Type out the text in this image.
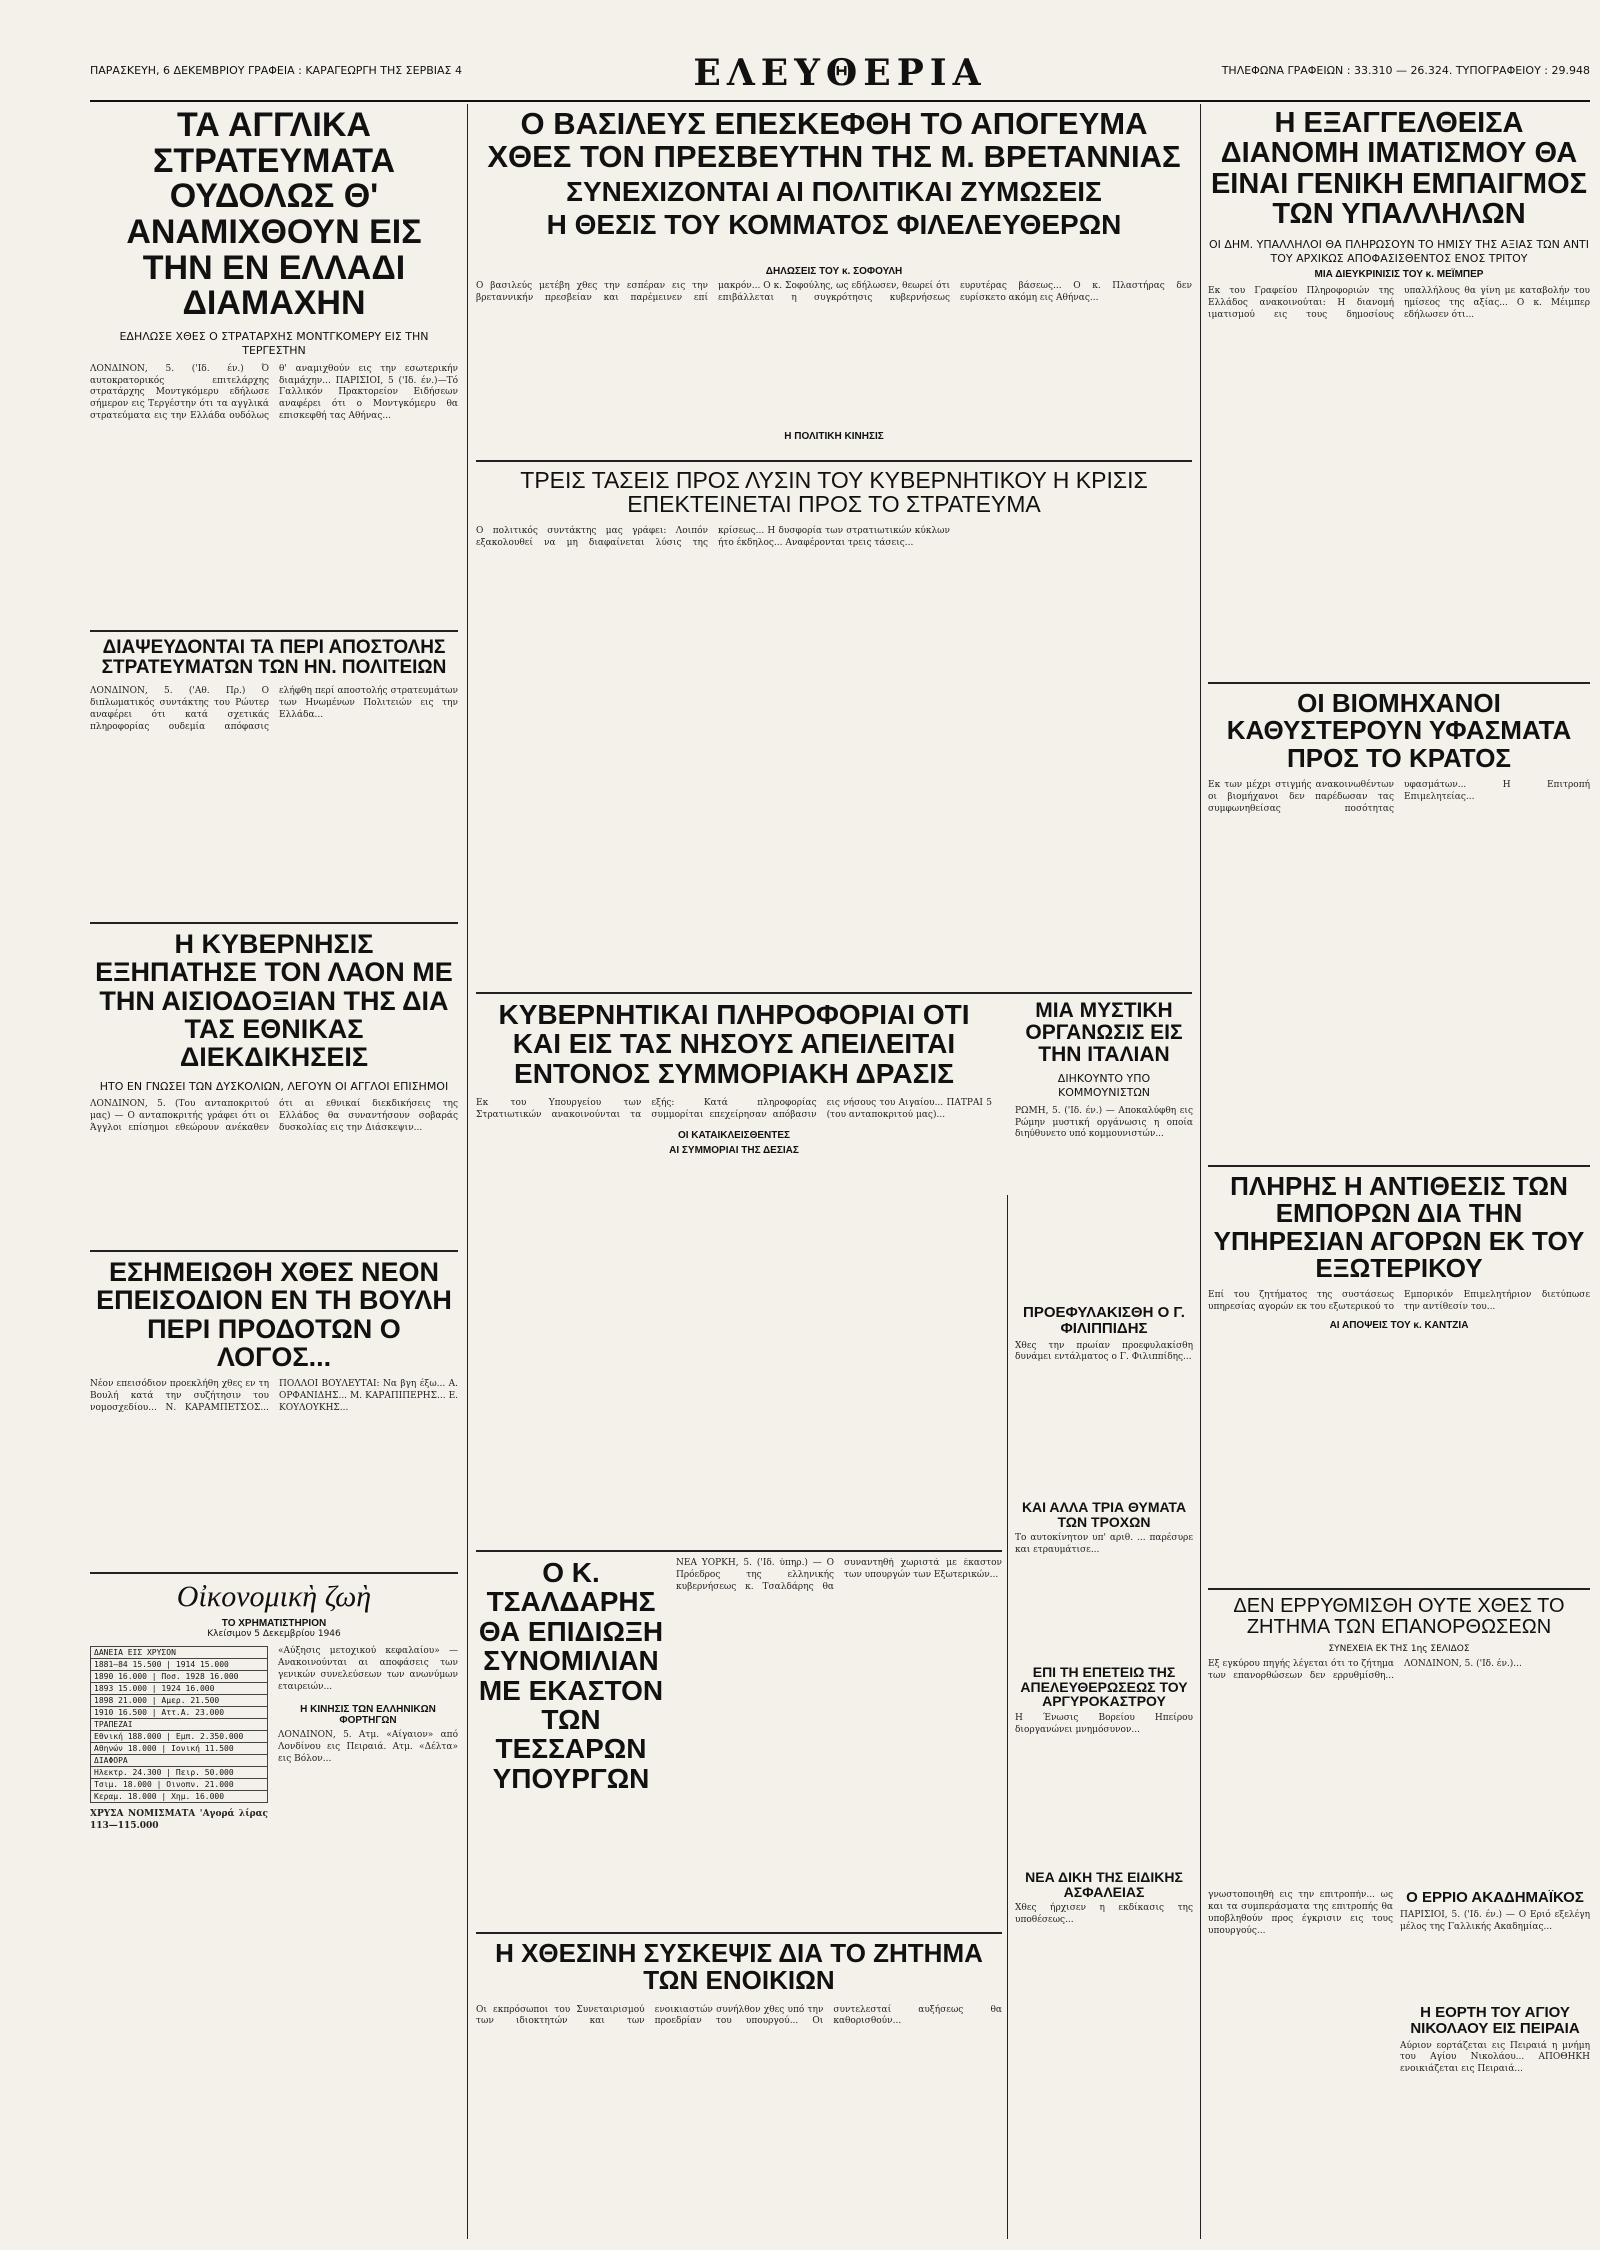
ΠΑΡΑΣΚΕΥΗ, 6 ΔΕΚΕΜΒΡΙΟΥ ΓΡΑΦΕΙΑ : ΚΑΡΑΓΕΩΡΓΗ ΤΗΣ ΣΕΡΒΙΑΣ 4	ΕΛΕΥΘΕΡΙΑ	ΤΗΛΕΦΩΝΑ ΓΡΑΦΕΙΩΝ : 33.310 — 26.324. ΤΥΠΟΓΡΑΦΕΙΟΥ : 29.948
ΤΑ ΑΓΓΛΙΚΑ ΣΤΡΑΤΕΥΜΑΤΑ ΟΥΔΟΛΩΣ Θ' ΑΝΑΜΙΧΘΟΥΝ ΕΙΣ ΤΗΝ ΕΝ ΕΛΛΑΔΙ ΔΙΑΜΑΧΗΝ
ΕΔΗΛΩΣΕ ΧΘΕΣ Ο ΣΤΡΑΤΑΡΧΗΣ ΜΟΝΤΓΚΟΜΕΡΥ ΕΙΣ ΤΗΝ ΤΕΡΓΕΣΤΗΝ
ΛΟΝΔΙΝΟΝ, 5. ('Ιδ. έν.) Ό αυτοκρατορικός επιτελάρχης στρατάρχης Μοντγκόμερυ εδήλωσε σήμερον εις Τεργέστην ότι τα αγγλικά στρατεύματα εις την Ελλάδα ουδόλως θ' αναμιχθούν εις την εσωτερικήν διαμάχην... ΠΑΡΙΣΙΟΙ, 5 ('Ιδ. έν.)—Τό Γαλλικόν Πρακτορείον Ειδήσεων αναφέρει ότι ο Μοντγκόμερυ θα επισκεφθή τας Αθήνας...
ΔΙΑΨΕΥΔΟΝΤΑΙ ΤΑ ΠΕΡΙ ΑΠΟΣΤΟΛΗΣ ΣΤΡΑΤΕΥΜΑΤΩΝ ΤΩΝ ΗΝ. ΠΟΛΙΤΕΙΩΝ
ΛΟΝΔΙΝΟΝ, 5. ('Αθ. Πρ.) Ο διπλωματικός συντάκτης του Ρώυτερ αναφέρει ότι κατά σχετικάς πληροφορίας ουδεμία απόφασις ελήφθη περί αποστολής στρατευμάτων των Ηνωμένων Πολιτειών εις την Ελλάδα...
Η ΚΥΒΕΡΝΗΣΙΣ ΕΞΗΠΑΤΗΣΕ ΤΟΝ ΛΑΟΝ ΜΕ ΤΗΝ ΑΙΣΙΟΔΟΞΙΑΝ ΤΗΣ ΔΙΑ ΤΑΣ ΕΘΝΙΚΑΣ ΔΙΕΚΔΙΚΗΣΕΙΣ
ΗΤΟ ΕΝ ΓΝΩΣΕΙ ΤΩΝ ΔΥΣΚΟΛΙΩΝ, ΛΕΓΟΥΝ ΟΙ ΑΓΓΛΟΙ ΕΠΙΣΗΜΟΙ
ΛΟΝΔΙΝΟΝ, 5. (Του ανταποκριτού μας) — Ο ανταποκριτής γράφει ότι οι Άγγλοι επίσημοι εθεώρουν ανέκαθεν ότι αι εθνικαί διεκδικήσεις της Ελλάδος θα συναντήσουν σοβαράς δυσκολίας εις την Διάσκεψιν...
ΕΣΗΜΕΙΩΘΗ ΧΘΕΣ ΝΕΟΝ ΕΠΕΙΣΟΔΙΟΝ ΕΝ ΤΗ ΒΟΥΛΗ ΠΕΡΙ ΠΡΟΔΟΤΩΝ Ο ΛΟΓΟΣ...
Νέον επεισόδιον προεκλήθη χθες εν τη Βουλή κατά την συζήτησιν του νομοσχεδίου... Ν. ΚΑΡΑΜΠΕΤΣΟΣ... ΠΟΛΛΟΙ ΒΟΥΛΕΥΤΑΙ: Να βγη έξω... Α. ΟΡΦΑΝΙΔΗΣ... Μ. ΚΑΡΑΠΙΠΕΡΗΣ... Ε. ΚΟΥΛΟΥΚΗΣ...
Οἰκονομικὴ ζωὴ
ΤΟ ΧΡΗΜΑΤΙΣΤΗΡΙΟΝ
Κλείσιμον 5 Δεκεμβρίου 1946
ΔΑΝΕΙΑ ΕΙΣ ΧΡΥΣΟΝ
1881—84 15.500 | 1914 15.000
1890 16.000 | Ποσ. 1928 16.000
1893 15.000 | 1924 16.000
1898 21.000 | Αμερ. 21.500
1910 16.500 | Αττ.Α. 23.000
ΤΡΑΠΕΖΑΙ
Εθνική 188.000 | Εμπ. 2.350.000
Αθηνών 18.000 | Ιονική 11.500
ΔΙΑΦΟΡΑ
Ηλεκτρ. 24.300 | Πειρ. 50.000
Τσιμ. 18.000 | Οινοπν. 21.000
Κεραμ. 18.000 | Χημ. 16.000
ΧΡΥΣΑ ΝΟΜΙΣΜΑΤΑ 'Αγορά λίρας 113—115.000
«Αύξησις μετοχικού κεφαλαίου» — Ανακοινούνται αι αποφάσεις των γενικών συνελεύσεων των ανωνύμων εταιρειών...
Η ΚΙΝΗΣΙΣ ΤΩΝ ΕΛΛΗΝΙΚΩΝ ΦΟΡΤΗΓΩΝ
ΛΟΝΔΙΝΟΝ, 5. Ατμ. «Αίγαιον» από Λονδίνου εις Πειραιά. Ατμ. «Δέλτα» εις Βόλον...
Ο ΒΑΣΙΛΕΥΣ ΕΠΕΣΚΕΦΘΗ ΤΟ ΑΠΟΓΕΥΜΑ ΧΘΕΣ ΤΟΝ ΠΡΕΣΒΕΥΤΗΝ ΤΗΣ Μ. ΒΡΕΤΑΝΝΙΑΣ
ΣΥΝΕΧΙΖΟΝΤΑΙ ΑΙ ΠΟΛΙΤΙΚΑΙ ΖΥΜΩΣΕΙΣ
Η ΘΕΣΙΣ ΤΟΥ ΚΟΜΜΑΤΟΣ ΦΙΛΕΛΕΥΘΕΡΩΝ
ΔΗΛΩΣΕΙΣ ΤΟΥ κ. ΣΟΦΟΥΛΗ
Ο βασιλεύς μετέβη χθες την εσπέραν εις την βρεταννικήν πρεσβείαν και παρέμεινεν επί μακρόν... Ο κ. Σοφούλης, ως εδήλωσεν, θεωρεί ότι επιβάλλεται η συγκρότησις κυβερνήσεως ευρυτέρας βάσεως... Ο κ. Πλαστήρας δεν ευρίσκετο ακόμη εις Αθήνας...
Η ΠΟΛΙΤΙΚΗ ΚΙΝΗΣΙΣ
ΤΡΕΙΣ ΤΑΣΕΙΣ ΠΡΟΣ ΛΥΣΙΝ ΤΟΥ ΚΥΒΕΡΝΗΤΙΚΟΥ Η ΚΡΙΣΙΣ ΕΠΕΚΤΕΙΝΕΤΑΙ ΠΡΟΣ ΤΟ ΣΤΡΑΤΕΥΜΑ
Ο πολιτικός συντάκτης μας γράφει: Λοιπόν εξακολουθεί να μη διαφαίνεται λύσις της κρίσεως... Η δυσφορία των στρατιωτικών κύκλων ήτο έκδηλος... Αναφέρονται τρεις τάσεις...
ΚΥΒΕΡΝΗΤΙΚΑΙ ΠΛΗΡΟΦΟΡΙΑΙ ΟΤΙ ΚΑΙ ΕΙΣ ΤΑΣ ΝΗΣΟΥΣ ΑΠΕΙΛΕΙΤΑΙ ΕΝΤΟΝΟΣ ΣΥΜΜΟΡΙΑΚΗ ΔΡΑΣΙΣ
Εκ του Υπουργείου των Στρατιωτικών ανακοινούνται τα εξής: Κατά πληροφορίας συμμορίται επεχείρησαν απόβασιν εις νήσους του Αιγαίου... ΠΑΤΡΑΙ 5 (του ανταποκριτού μας)...
ΟΙ ΚΑΤΑΙΚΛΕΙΣΘΕΝΤΕΣ
ΑΙ ΣΥΜΜΟΡΙΑΙ ΤΗΣ ΔΕΣΙΑΣ
Ο Κ. ΤΣΑΛΔΑΡΗΣ ΘΑ ΕΠΙΔΙΩΞΗ ΣΥΝΟΜΙΛΙΑΝ ΜΕ ΕΚΑΣΤΟΝ ΤΩΝ ΤΕΣΣΑΡΩΝ ΥΠΟΥΡΓΩΝ
ΝΕΑ ΥΟΡΚΗ, 5. ('Ιδ. ύπηρ.) — Ο Πρόεδρος της ελληνικής κυβερνήσεως κ. Τσαλδάρης θα συναντηθή χωριστά με έκαστον των υπουργών των Εξωτερικών...
Η ΧΘΕΣΙΝΗ ΣΥΣΚΕΨΙΣ ΔΙΑ ΤΟ ΖΗΤΗΜΑ ΤΩΝ ΕΝΟΙΚΙΩΝ
Οι εκπρόσωποι του Συνεταιρισμού των ιδιοκτητών και των ενοικιαστών συνήλθον χθες υπό την προεδρίαν του υπουργού... Οι συντελεσταί αυξήσεως θα καθορισθούν...
ΜΙΑ ΜΥΣΤΙΚΗ ΟΡΓΑΝΩΣΙΣ ΕΙΣ ΤΗΝ ΙΤΑΛΙΑΝ
ΔΙΗΚΟΥΝΤΟ ΥΠΟ ΚΟΜΜΟΥΝΙΣΤΩΝ
ΡΩΜΗ, 5. ('Ιδ. έν.) — Αποκαλύφθη εις Ρώμην μυστική οργάνωσις η οποία διηύθυνετο υπό κομμουνιστών...
ΠΡΟΕΦΥΛΑΚΙΣΘΗ Ο Γ. ΦΙΛΙΠΠΙΔΗΣ
Χθες την πρωίαν προεφυλακίσθη δυνάμει εντάλματος ο Γ. Φιλιππίδης...
ΚΑΙ ΑΛΛΑ ΤΡΙΑ ΘΥΜΑΤΑ ΤΩΝ ΤΡΟΧΩΝ
Το αυτοκίνητον υπ' αριθ. ... παρέσυρε και ετραυμάτισε...
ΕΠΙ ΤΗ ΕΠΕΤΕΙΩ ΤΗΣ ΑΠΕΛΕΥΘΕΡΩΣΕΩΣ ΤΟΥ ΑΡΓΥΡΟΚΑΣΤΡΟΥ
Η Ένωσις Βορείου Ηπείρου διοργανώνει μνημόσυνον...
ΝΕΑ ΔΙΚΗ ΤΗΣ ΕΙΔΙΚΗΣ ΑΣΦΑΛΕΙΑΣ
Χθες ήρχισεν η εκδίκασις της υποθέσεως...
Η ΕΞΑΓΓΕΛΘΕΙΣΑ ΔΙΑΝΟΜΗ ΙΜΑΤΙΣΜΟΥ ΘΑ ΕΙΝΑΙ ΓΕΝΙΚΗ ΕΜΠΑΙΓΜΟΣ ΤΩΝ ΥΠΑΛΛΗΛΩΝ
ΟΙ ΔΗΜ. ΥΠΑΛΛΗΛΟΙ ΘΑ ΠΛΗΡΩΣΟΥΝ ΤΟ ΗΜΙΣΥ ΤΗΣ ΑΞΙΑΣ ΤΩΝ ΑΝΤΙ ΤΟΥ ΑΡΧΙΚΩΣ ΑΠΟΦΑΣΙΣΘΕΝΤΟΣ ΕΝΟΣ ΤΡΙΤΟΥ
ΜΙΑ ΔΙΕΥΚΡΙΝΙΣΙΣ ΤΟΥ κ. ΜΕΪΜΠΕΡ
Εκ του Γραφείου Πληροφοριών της Ελλάδος ανακοινούται: Η διανομή ιματισμού εις τους δημοσίους υπαλλήλους θα γίνη με καταβολήν του ημίσεος της αξίας... Ο κ. Μέιμπερ εδήλωσεν ότι...
ΟΙ ΒΙΟΜΗΧΑΝΟΙ ΚΑΘΥΣΤΕΡΟΥΝ ΥΦΑΣΜΑΤΑ ΠΡΟΣ ΤΟ ΚΡΑΤΟΣ
Εκ των μέχρι στιγμής ανακοινωθέντων οι βιομήχανοι δεν παρέδωσαν τας συμφωνηθείσας ποσότητας υφασμάτων... Η Επιτροπή Επιμελητείας...
ΠΛΗΡΗΣ Η ΑΝΤΙΘΕΣΙΣ ΤΩΝ ΕΜΠΟΡΩΝ ΔΙΑ ΤΗΝ ΥΠΗΡΕΣΙΑΝ ΑΓΟΡΩΝ ΕΚ ΤΟΥ ΕΞΩΤΕΡΙΚΟΥ
Επί του ζητήματος της συστάσεως υπηρεσίας αγορών εκ του εξωτερικού το Εμπορικόν Επιμελητήριον διετύπωσε την αντίθεσίν του...
ΑΙ ΑΠΟΨΕΙΣ ΤΟΥ κ. ΚΑΝΤΖΙΑ
ΔΕΝ ΕΡΡΥΘΜΙΣΘΗ ΟΥΤΕ ΧΘΕΣ ΤΟ ΖΗΤΗΜΑ ΤΩΝ ΕΠΑΝΟΡΘΩΣΕΩΝ
ΣΥΝΕΧΕΙΑ ΕΚ ΤΗΣ 1ης ΣΕΛΙΔΟΣ
Εξ εγκύρου πηγής λέγεται ότι το ζήτημα των επανορθώσεων δεν ερρυθμίσθη... ΛΟΝΔΙΝΟΝ, 5. ('Ιδ. έν.)...
Ο ΕΡΡΙΟ ΑΚΑΔΗΜΑΪΚΟΣ
ΠΑΡΙΣΙΟΙ, 5. ('Ιδ. έν.) — Ο Εριό εξελέγη μέλος της Γαλλικής Ακαδημίας...
Η ΕΟΡΤΗ ΤΟΥ ΑΓΙΟΥ ΝΙΚΟΛΑΟΥ ΕΙΣ ΠΕΙΡΑΙΑ
Αύριον εορτάζεται εις Πειραιά η μνήμη του Αγίου Νικολάου... ΑΠΟΘΗΚΗ ενοικιάζεται εις Πειραιά...
γνωστοποιηθή εις την επιτροπήν... ως και τα συμπεράσματα της επιτροπής θα υποβληθούν προς έγκρισιν εις τους υπουργούς...
